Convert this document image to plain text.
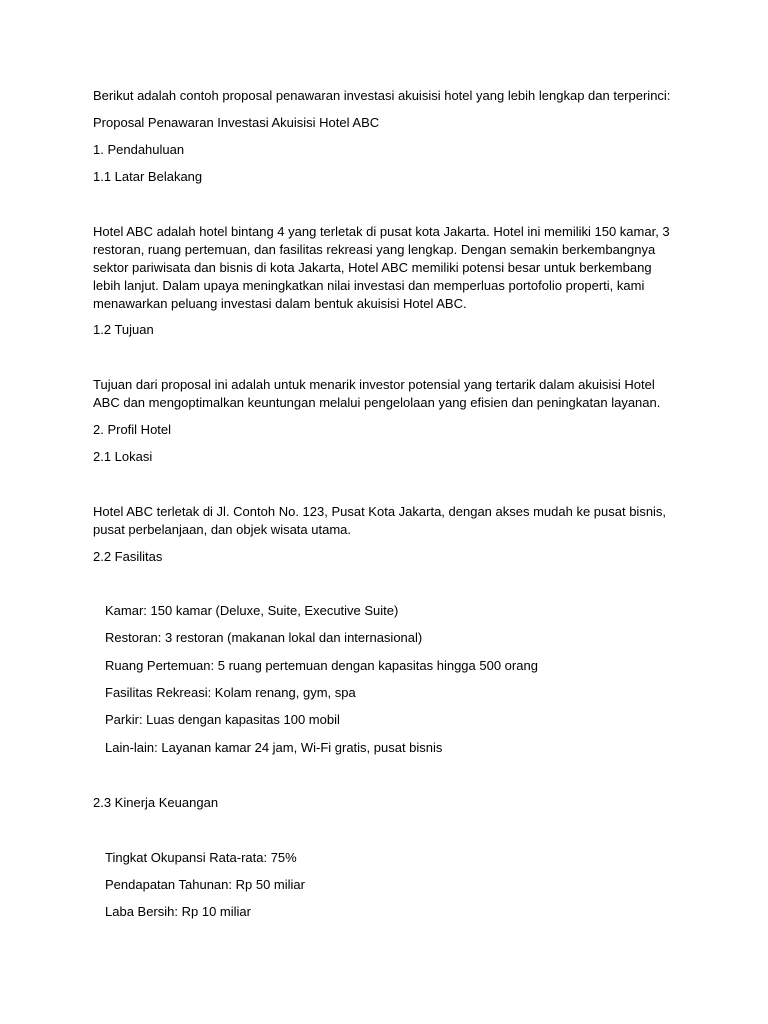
Berikut adalah contoh proposal penawaran investasi akuisisi hotel yang lebih lengkap dan terperinci:

Proposal Penawaran Investasi Akuisisi Hotel ABC

1. Pendahuluan

1.1 Latar Belakang

Hotel ABC adalah hotel bintang 4 yang terletak di pusat kota Jakarta. Hotel ini memiliki 150 kamar, 3
restoran, ruang pertemuan, dan fasilitas rekreasi yang lengkap. Dengan semakin berkembangnya
sektor pariwisata dan bisnis di kota Jakarta, Hotel ABC memiliki potensi besar untuk berkembang
lebih lanjut. Dalam upaya meningkatkan nilai investasi dan memperluas portofolio properti, kami
menawarkan peluang investasi dalam bentuk akuisisi Hotel ABC.

1.2 Tujuan

Tujuan dari proposal ini adalah untuk menarik investor potensial yang tertarik dalam akuisisi Hotel
ABC dan mengoptimalkan keuntungan melalui pengelolaan yang efisien dan peningkatan layanan.

2. Profil Hotel

2.1 Lokasi

Hotel ABC terletak di Jl. Contoh No. 123, Pusat Kota Jakarta, dengan akses mudah ke pusat bisnis,
pusat perbelanjaan, dan objek wisata utama.

2.2 Fasilitas

Kamar: 150 kamar (Deluxe, Suite, Executive Suite)

Restoran: 3 restoran (makanan lokal dan internasional)

Ruang Pertemuan: 5 ruang pertemuan dengan kapasitas hingga 500 orang

Fasilitas Rekreasi: Kolam renang, gym, spa

Parkir: Luas dengan kapasitas 100 mobil

Lain-lain: Layanan kamar 24 jam, Wi-Fi gratis, pusat bisnis

2.3 Kinerja Keuangan

Tingkat Okupansi Rata-rata: 75%

Pendapatan Tahunan: Rp 50 miliar

Laba Bersih: Rp 10 miliar
